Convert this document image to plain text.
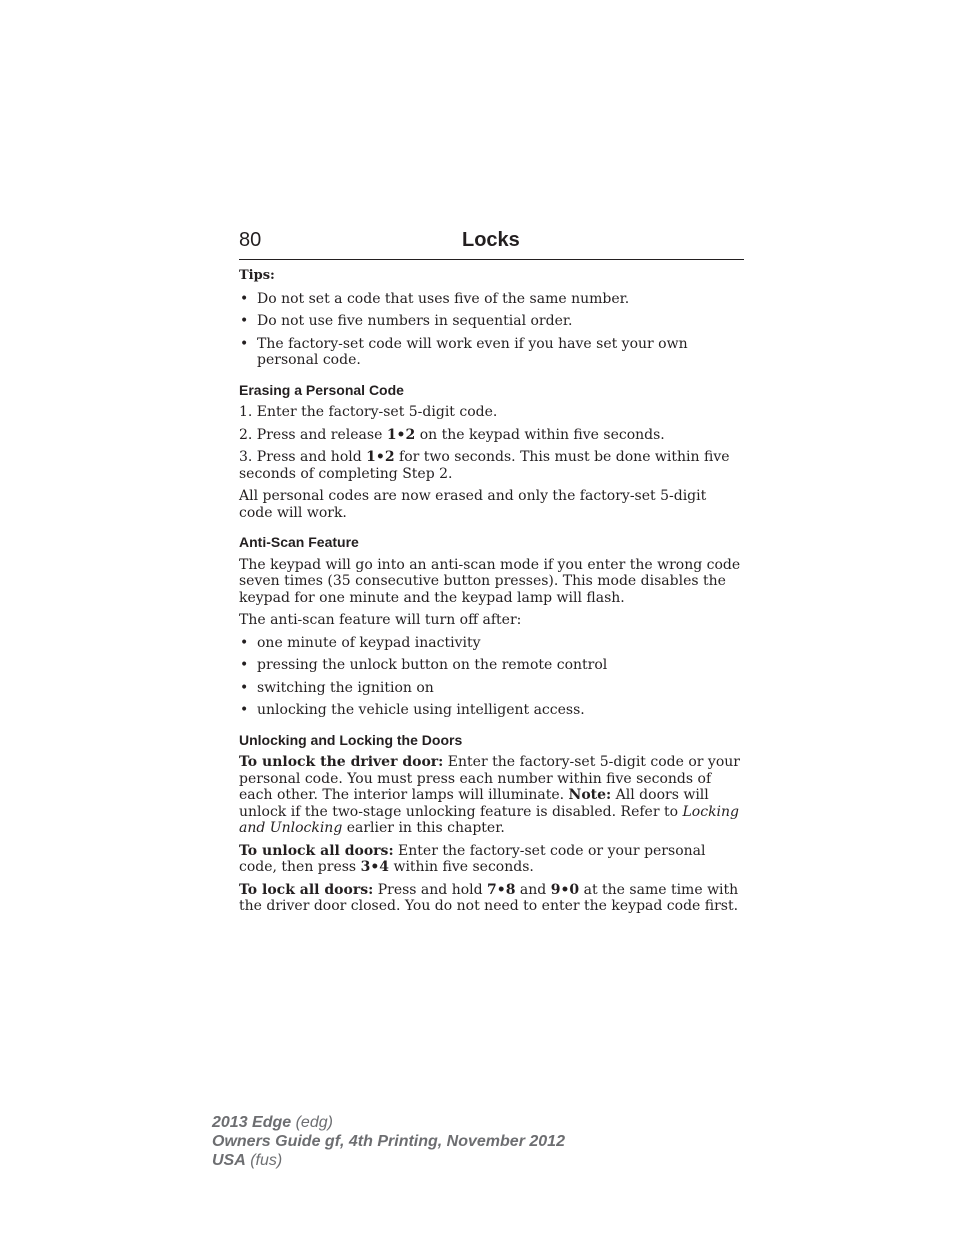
80	Locks
Tips:
• Do not set a code that uses five of the same number.
• Do not use five numbers in sequential order.
• The factory-set code will work even if you have set your own personal code.
Erasing a Personal Code

1. Enter the factory-set 5-digit code.

2. Press and release 1•2 on the keypad within five seconds.

3. Press and hold 1•2 for two seconds. This must be done within five seconds of completing Step 2.

All personal codes are now erased and only the factory-set 5-digit code will work.

Anti-Scan Feature

The keypad will go into an anti-scan mode if you enter the wrong code seven times (35 consecutive button presses). This mode disables the keypad for one minute and the keypad lamp will flash.

The anti-scan feature will turn off after:

• one minute of keypad inactivity
• pressing the unlock button on the remote control
• switching the ignition on
• unlocking the vehicle using intelligent access.
Unlocking and Locking the Doors

To unlock the driver door: Enter the factory-set 5-digit code or your personal code. You must press each number within five seconds of each other. The interior lamps will illuminate. Note: All doors will unlock if the two-stage unlocking feature is disabled. Refer to Locking and Unlocking earlier in this chapter.

To unlock all doors: Enter the factory-set code or your personal code, then press 3•4 within five seconds.

To lock all doors: Press and hold 7•8 and 9•0 at the same time with the driver door closed. You do not need to enter the keypad code first.

2013 Edge (edg)
Owners Guide gf, 4th Printing, November 2012
USA (fus)
